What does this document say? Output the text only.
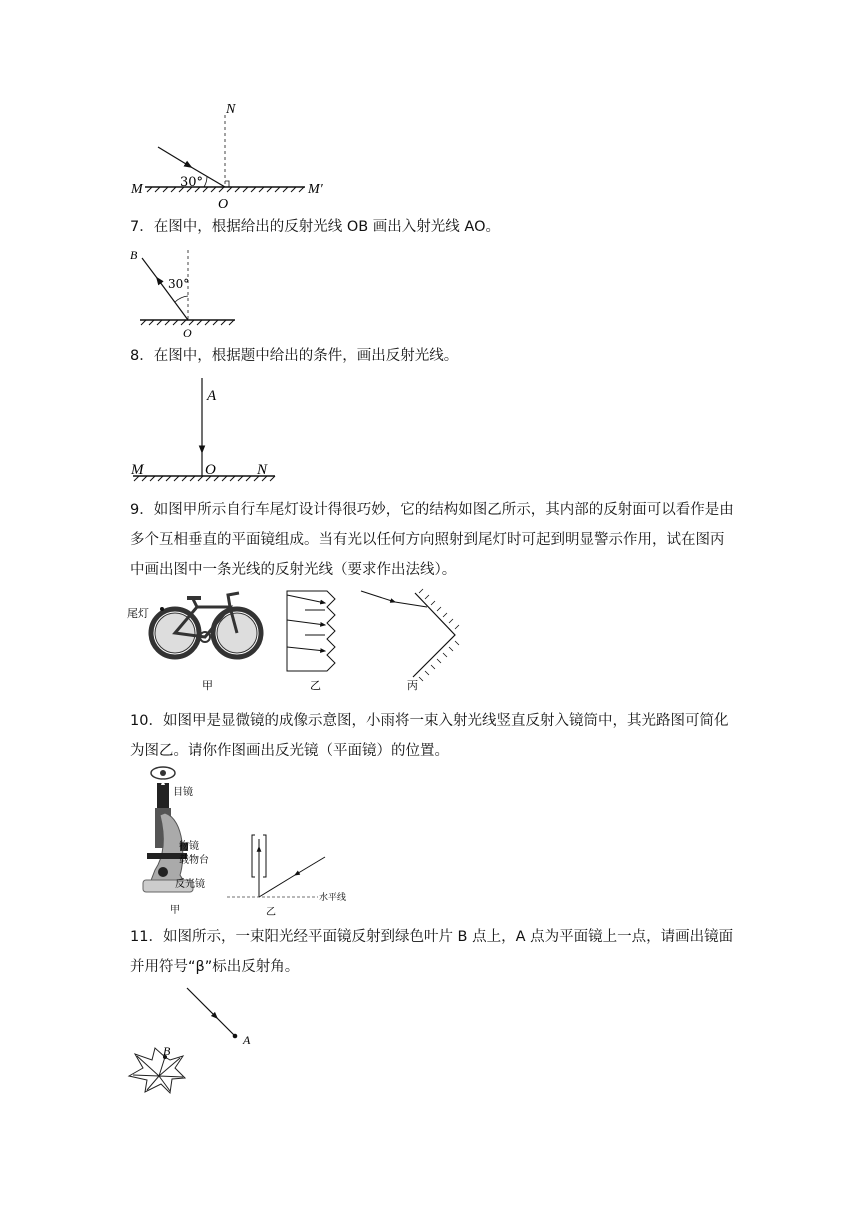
N
M	M′
O
30°
7．在图中，根据给出的反射光线 OB 画出入射光线 AO。
B
30°
O
8．在图中，根据题中给出的条件，画出反射光线。
A
M	O	N
9．如图甲所示自行车尾灯设计得很巧妙，它的结构如图乙所示，其内部的反射面可以看作是由多个互相垂直的平面镜组成。当有光以任何方向照射到尾灯时可起到明显警示作用，试在图丙中画出图中一条光线的反射光线（要求作出法线）。
尾灯
甲	乙	丙
10．如图甲是显微镜的成像示意图，小雨将一束入射光线竖直反射入镜筒中，其光路图可简化为图乙。请你作图画出反光镜（平面镜）的位置。
目镜
物镜
载物台
反光镜
甲
水平线
乙
11．如图所示，一束阳光经平面镜反射到绿色叶片 B 点上，A 点为平面镜上一点，请画出镜面并用符号“β”标出反射角。
A
B
